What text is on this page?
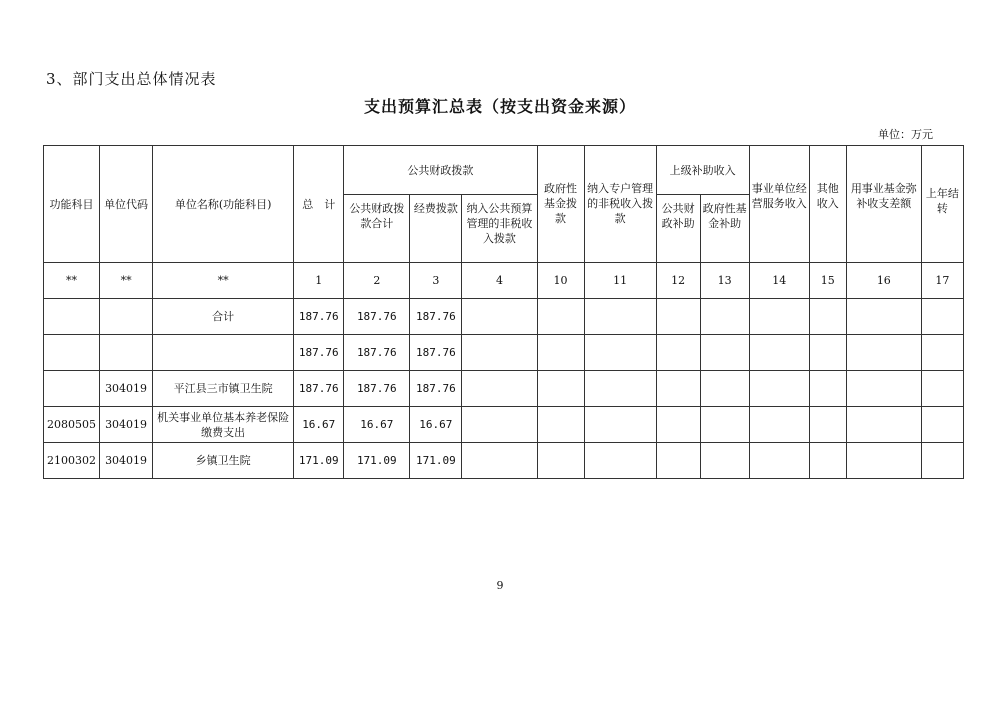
3、部门支出总体情况表
支出预算汇总表（按支出资金来源）
单位：万元
功能科目	单位代码	单位名称(功能科目)	总　计	公共财政拨款			政府性基金拨款	纳入专户管理的非税收入拨款	上级补助收入		事业单位经营服务收入	其他收入	用事业基金弥补收支差额	上年结转
				公共财政拨款合计	经费拨款	纳入公共预算管理的非税收入拨款			公共财政补助	政府性基金补助				
**	**	**	1	2	3	4	10	11	12	13	14	15	16	17
		合计	187.76	187.76	187.76									
			187.76	187.76	187.76									
	304019	平江县三市镇卫生院	187.76	187.76	187.76									
2080505	304019	机关事业单位基本养老保险缴费支出	16.67	16.67	16.67									
2100302	304019	乡镇卫生院	171.09	171.09	171.09									
9
